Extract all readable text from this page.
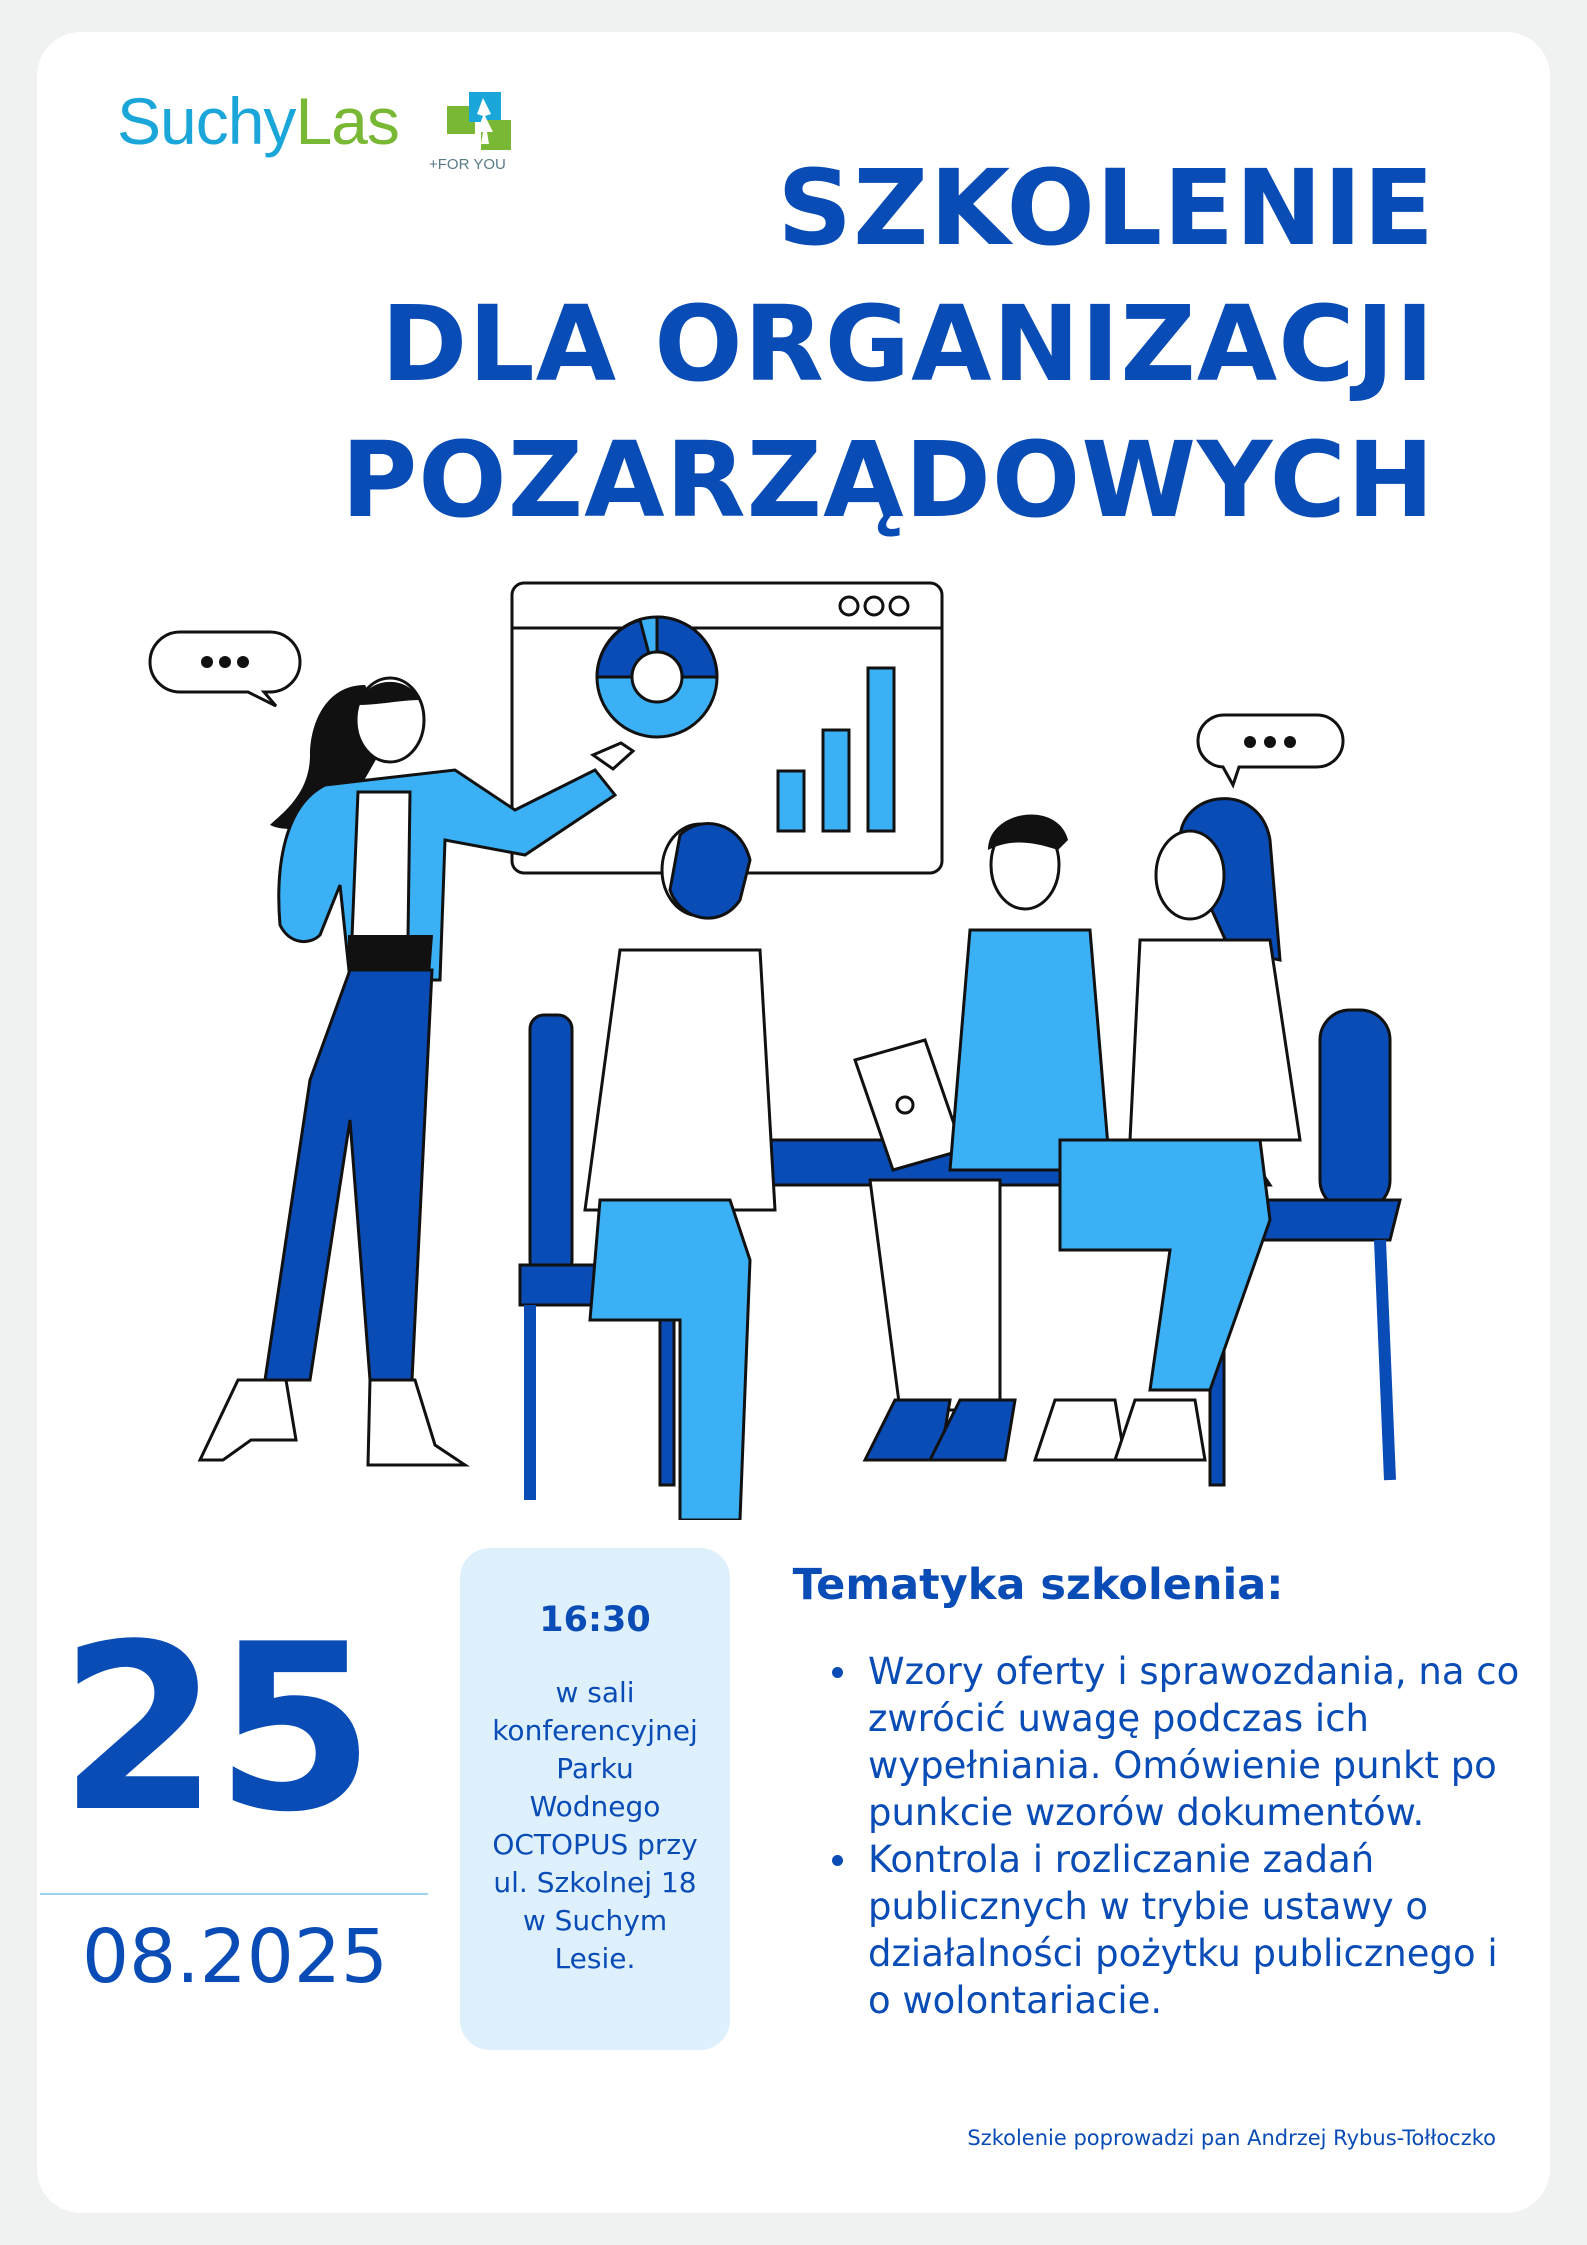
SuchyLas
+FOR YOU	SZKOLENIE
DLA ORGANIZACJI
POZARZĄDOWYCH
25
08.2025
16:30
w sali
konferencyjnej
Parku
Wodnego
OCTOPUS przy
ul. Szkolnej 18
w Suchym
Lesie.
Tematyka szkolenia:
Wzory oferty i sprawozdania, na co zwrócić uwagę podczas ich wypełniania. Omówienie punkt po punkcie wzorów dokumentów.
Kontrola i rozliczanie zadań publicznych w trybie ustawy o działalności pożytku publicznego i o wolontariacie.
Szkolenie poprowadzi pan Andrzej Rybus-Tołłoczko
